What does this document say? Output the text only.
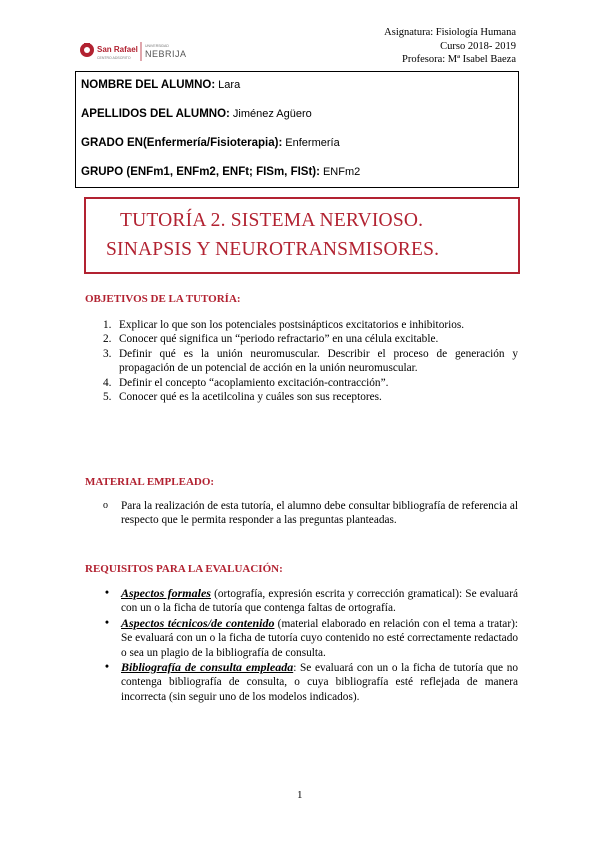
San Rafael
CENTRO ADSCRITO
UNIVERSIDAD
NEBRIJA
Asignatura: Fisiología Humana
Curso 2018- 2019
Profesora: Mª Isabel Baeza
NOMBRE DEL ALUMNO: Lara
APELLIDOS DEL ALUMNO: Jiménez Agüero
GRADO EN(Enfermería/Fisioterapia): Enfermería
GRUPO (ENFm1, ENFm2, ENFt; FISm, FISt): ENFm2
TUTORÍA 2. SISTEMA NERVIOSO.
SINAPSIS Y NEUROTRANSMISORES.
OBJETIVOS DE LA TUTORÍA:
1. Explicar lo que son los potenciales postsinápticos excitatorios e inhibitorios.
2. Conocer qué significa un “periodo refractario” en una célula excitable.
3. Definir qué es la unión neuromuscular. Describir el proceso de generación y propagación de un potencial de acción en la unión neuromuscular.
4. Definir el concepto “acoplamiento excitación-contracción”.
5. Conocer qué es la acetilcolina y cuáles son sus receptores.
MATERIAL EMPLEADO:
o Para la realización de esta tutoría, el alumno debe consultar bibliografía de referencia al respecto que le permita responder a las preguntas planteadas.
REQUISITOS PARA LA EVALUACIÓN:
• Aspectos formales (ortografía, expresión escrita y corrección gramatical): Se evaluará con un o la ficha de tutoría que contenga faltas de ortografía.
• Aspectos técnicos/de contenido (material elaborado en relación con el tema a tratar): Se evaluará con un o la ficha de tutoría cuyo contenido no esté correctamente redactado o sea un plagio de la bibliografía de consulta.
• Bibliografía de consulta empleada: Se evaluará con un o la ficha de tutoría que no contenga bibliografía de consulta, o cuya bibliografía esté reflejada de manera incorrecta (sin seguir uno de los modelos indicados).
1
